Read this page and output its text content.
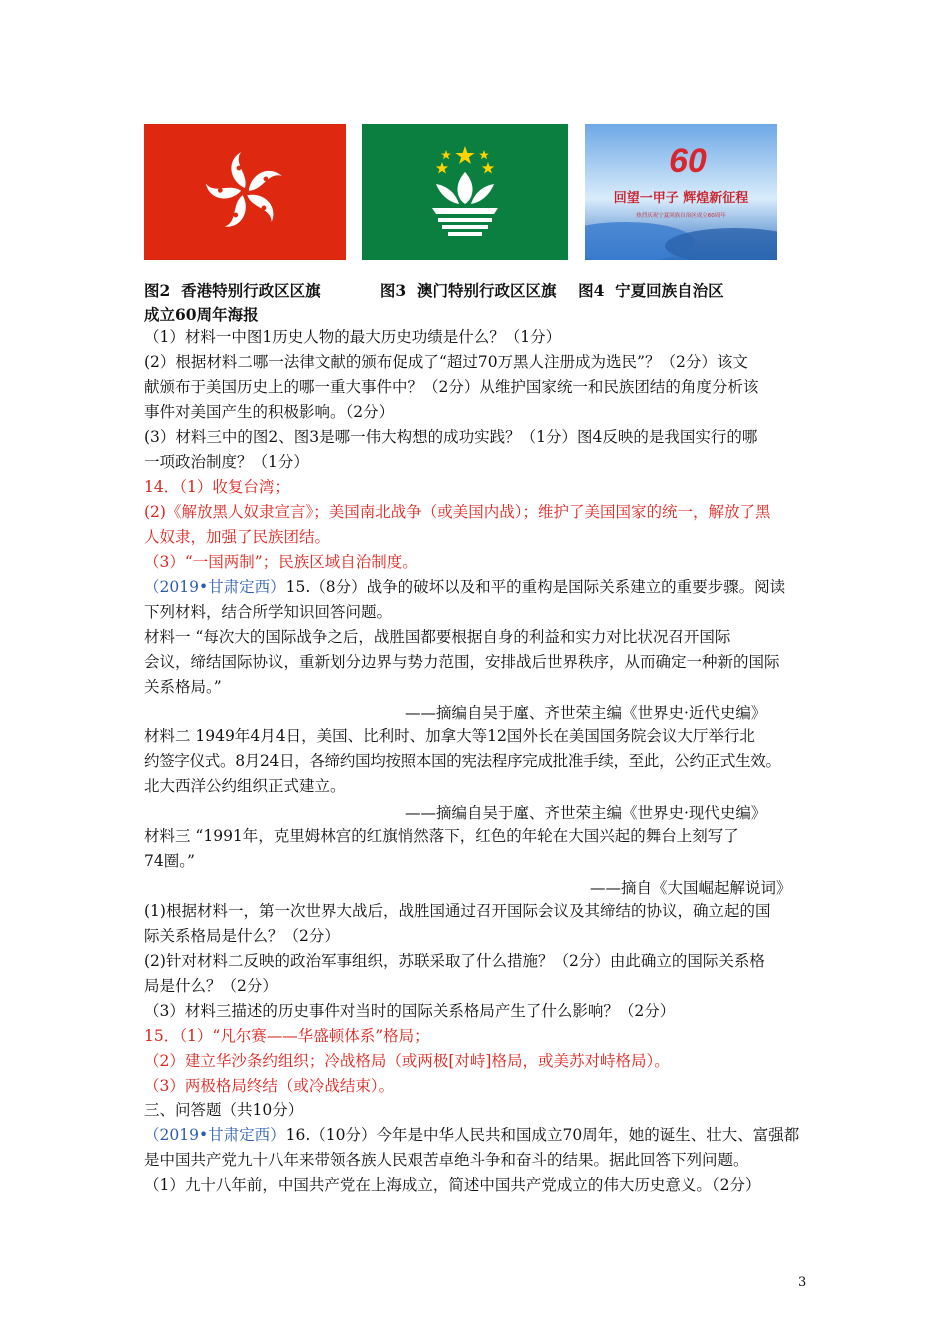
60
回望一甲子 辉煌新征程
热烈庆祝宁夏回族自治区成立60周年
图2  香港特别行政区区旗           图3  澳门特别行政区区旗    图4  宁夏回族自治区
成立60周年海报
（1）材料一中图1历史人物的最大历史功绩是什么？（1分）
(2）根据材料二哪一法律文献的颁布促成了“超过70万黑人注册成为选民”？（2分）该文
献颁布于美国历史上的哪一重大事件中？（2分）从维护国家统一和民族团结的角度分析该
事件对美国产生的积极影响。（2分）
(3）材料三中的图2、图3是哪一伟大构想的成功实践？（1分）图4反映的是我国实行的哪
一项政治制度？（1分）
14．（1）收复台湾；
(2)《解放黑人奴隶宣言》；美国南北战争（或美国内战）；维护了美国国家的统一，解放了黑
人奴隶，加强了民族团结。
（3）“一国两制”；民族区域自治制度。
（2019•甘肃定西）15.（8分）战争的破坏以及和平的重构是国际关系建立的重要步骤。阅读
下列材料，结合所学知识回答问题。
材料一 “每次大的国际战争之后，战胜国都要根据自身的利益和实力对比状况召开国际
会议，缔结国际协议，重新划分边界与势力范围，安排战后世界秩序，从而确定一种新的国际
关系格局。”
——摘编自吴于廑、齐世荣主编《世界史·近代史编》
材料二 1949年4月4日，美国、比利时、加拿大等12国外长在美国国务院会议大厅举行北
约签字仪式。8月24日，各缔约国均按照本国的宪法程序完成批准手续，至此，公约正式生效。
北大西洋公约组织正式建立。
——摘编自吴于廑、齐世荣主编《世界史·现代史编》
材料三 “1991年，克里姆林宫的红旗悄然落下，红色的年轮在大国兴起的舞台上刻写了
74圈。”
——摘自《大国崛起解说词》
(1)根据材料一，第一次世界大战后，战胜国通过召开国际会议及其缔结的协议，确立起的国
际关系格局是什么？（2分）
(2)针对材料二反映的政治军事组织，苏联采取了什么措施？（2分）由此确立的国际关系格
局是什么？（2分）
（3）材料三描述的历史事件对当时的国际关系格局产生了什么影响？（2分）
15．（1）“凡尔赛——华盛顿体系”格局；
（2）建立华沙条约组织；冷战格局（或两极[对峙]格局，或美苏对峙格局）。
（3）两极格局终结（或冷战结束）。
三、问答题（共10分）
（2019•甘肃定西）16.（10分）今年是中华人民共和国成立70周年，她的诞生、壮大、富强都
是中国共产党九十八年来带领各族人民艰苦卓绝斗争和奋斗的结果。据此回答下列问题。
（1）九十八年前，中国共产党在上海成立，简述中国共产党成立的伟大历史意义。（2分）
3
